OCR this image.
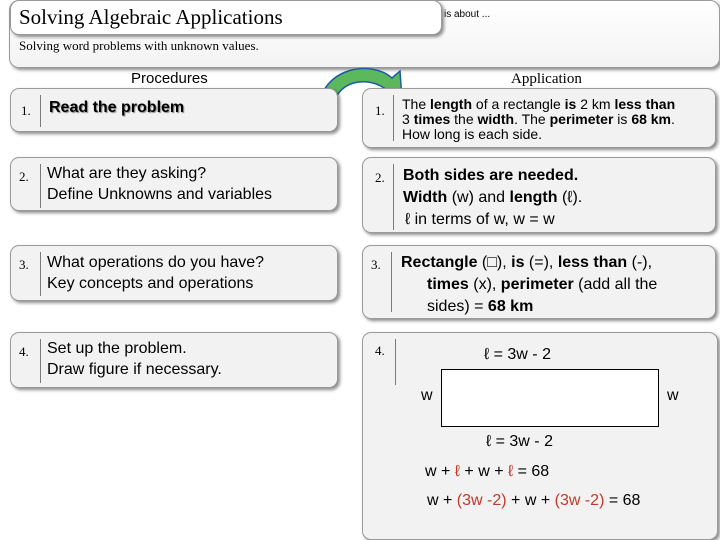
Solving Algebraic Applications	is about ...
Solving word problems with unknown values.
Procedures	Application
1. Read the problem
2. What are they asking?
Define Unknowns and variables
3. What operations do you have?
Key concepts and operations
4. Set up the problem.
Draw figure if necessary.
1. The length of a rectangle is 2 km less than
3 times the width. The perimeter is 68 km.
How long is each side.
2. Both sides are needed.
Width (w) and length (ℓ).
ℓ in terms of w, w = w
3. Rectangle (□), is (=), less than (-),
times (x), perimeter (add all the
sides) = 68 km
4.	ℓ = 3w - 2
w	w
ℓ = 3w - 2
w + ℓ + w + ℓ = 68
w + (3w -2) + w + (3w -2) = 68
